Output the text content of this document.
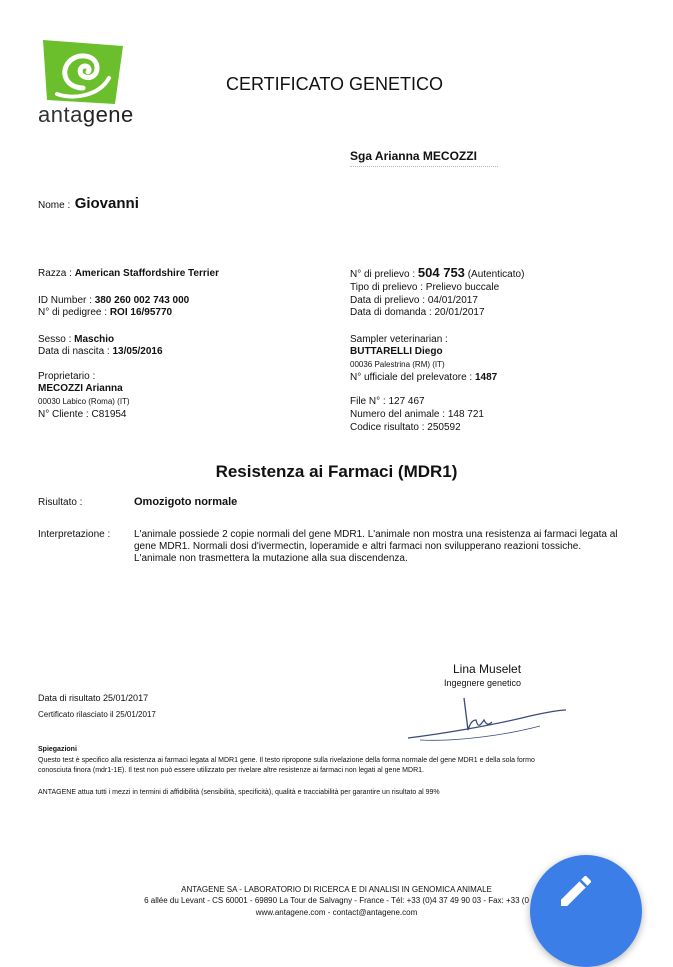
antagene
CERTIFICATO GENETICO
Sga Arianna MECOZZI
Nome : Giovanni
Razza : American Staffordshire Terrier
ID Number : 380 260 002 743 000
N° di pedigree : ROI 16/95770
Sesso : Maschio
Data di nascita : 13/05/2016
Proprietario :
MECOZZI Arianna
00030 Labico (Roma) (IT)
N° Cliente : C81954
N° di prelievo : 504 753 (Autenticato)
Tipo di prelievo : Prelievo buccale
Data di prelievo : 04/01/2017
Data di domanda : 20/01/2017
Sampler veterinarian :
BUTTARELLI Diego
00036 Palestrina (RM) (IT)
N° ufficiale del prelevatore : 1487
File N° : 127 467
Numero del animale : 148 721
Codice risultato : 250592
Resistenza ai Farmaci (MDR1)
Risultato :	Omozigoto normale
Interpretazione : L'animale possiede 2 copie normali del gene MDR1. L'animale non mostra una resistenza ai farmaci legata al
gene MDR1. Normali dosi d'ivermectin, loperamide e altri farmaci non svilupperano reazioni tossiche.
L'animale non trasmettera la mutazione alla sua discendenza.
Lina Muselet
Ingegnere genetico
Data di risultato 25/01/2017
Certificato rilasciato il 25/01/2017
Spiegazioni
Questo test è specifico alla resistenza ai farmaci legata al MDR1 gene. Il testo ripropone sulla rivelazione della forma normale del gene MDR1 e della sola formo
conosciuta finora (mdr1-1E). Il test non può essere utilizzato per rivelare altre resistenze ai farmaci non legati al gene MDR1.
ANTAGENE attua tutti i mezzi in termini di affidibilità (sensibilità, specificità), qualità e tracciabilità per garantire un risultato al 99%
ANTAGENE SA - LABORATORIO DI RICERCA E DI ANALISI IN GENOMICA ANIMALE
6 allée du Levant - CS 60001 - 69890 La Tour de Salvagny - France - Tél: +33 (0)4 37 49 90 03 - Fax: +33 (0
www.antagene.com - contact@antagene.com
